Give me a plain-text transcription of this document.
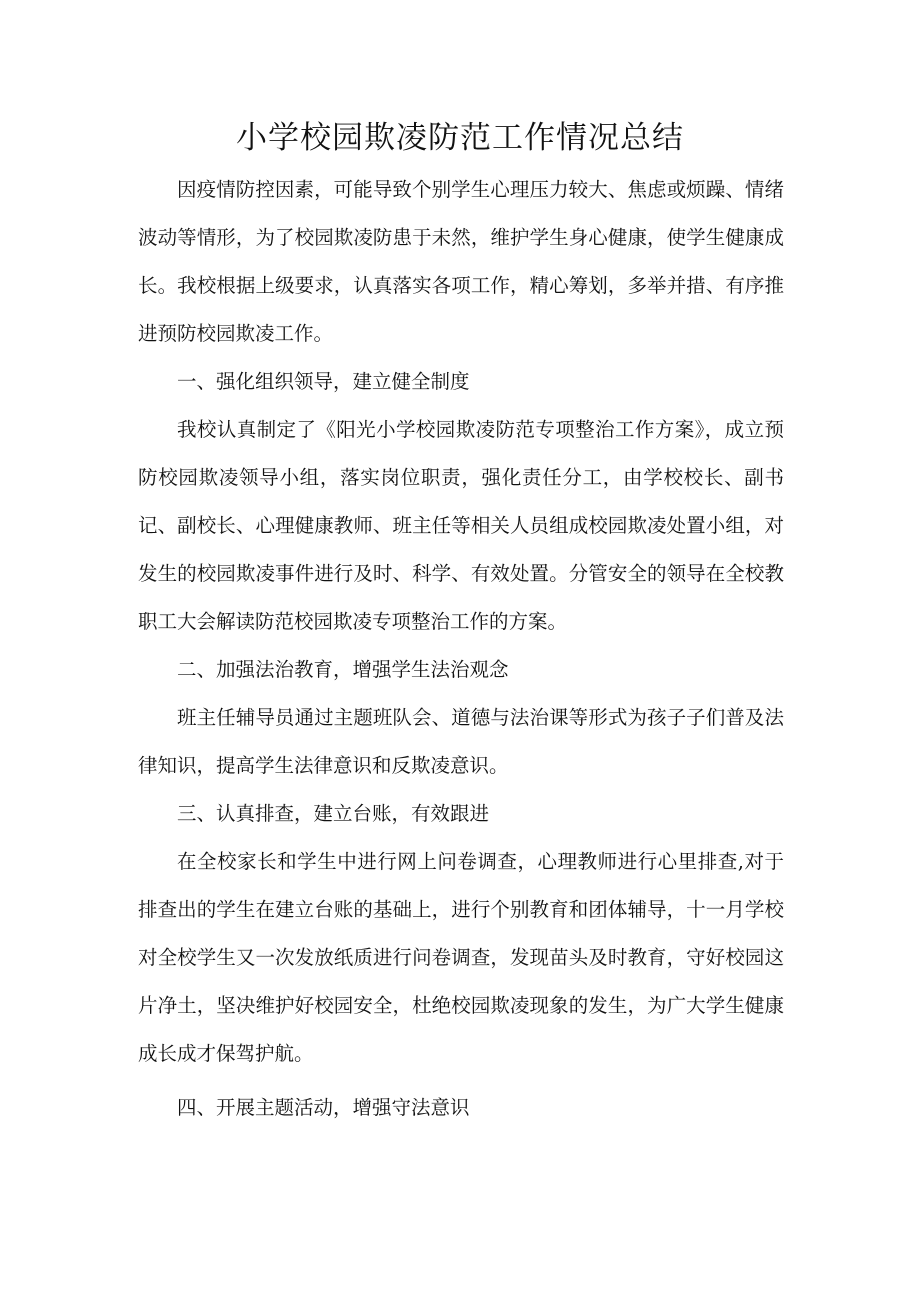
小学校园欺凌防范工作情况总结

因疫情防控因素，可能导致个别学生心理压力较大、焦虑或烦躁、情绪波动等情形，为了校园欺凌防患于未然，维护学生身心健康，使学生健康成长。我校根据上级要求，认真落实各项工作，精心筹划，多举并措、有序推进预防校园欺凌工作。

一、强化组织领导，建立健全制度

我校认真制定了《阳光小学校园欺凌防范专项整治工作方案》，成立预防校园欺凌领导小组，落实岗位职责，强化责任分工，由学校校长、副书记、副校长、心理健康教师、班主任等相关人员组成校园欺凌处置小组，对发生的校园欺凌事件进行及时、科学、有效处置。分管安全的领导在全校教职工大会解读防范校园欺凌专项整治工作的方案。

二、加强法治教育，增强学生法治观念

班主任辅导员通过主题班队会、道德与法治课等形式为孩子子们普及法律知识，提高学生法律意识和反欺凌意识。

三、认真排查，建立台账，有效跟进

在全校家长和学生中进行网上问卷调查，心理教师进行心里排查,对于排查出的学生在建立台账的基础上，进行个别教育和团体辅导，十一月学校对全校学生又一次发放纸质进行问卷调查，发现苗头及时教育，守好校园这片净土，坚决维护好校园安全，杜绝校园欺凌现象的发生，为广大学生健康成长成才保驾护航。

四、开展主题活动，增强守法意识
